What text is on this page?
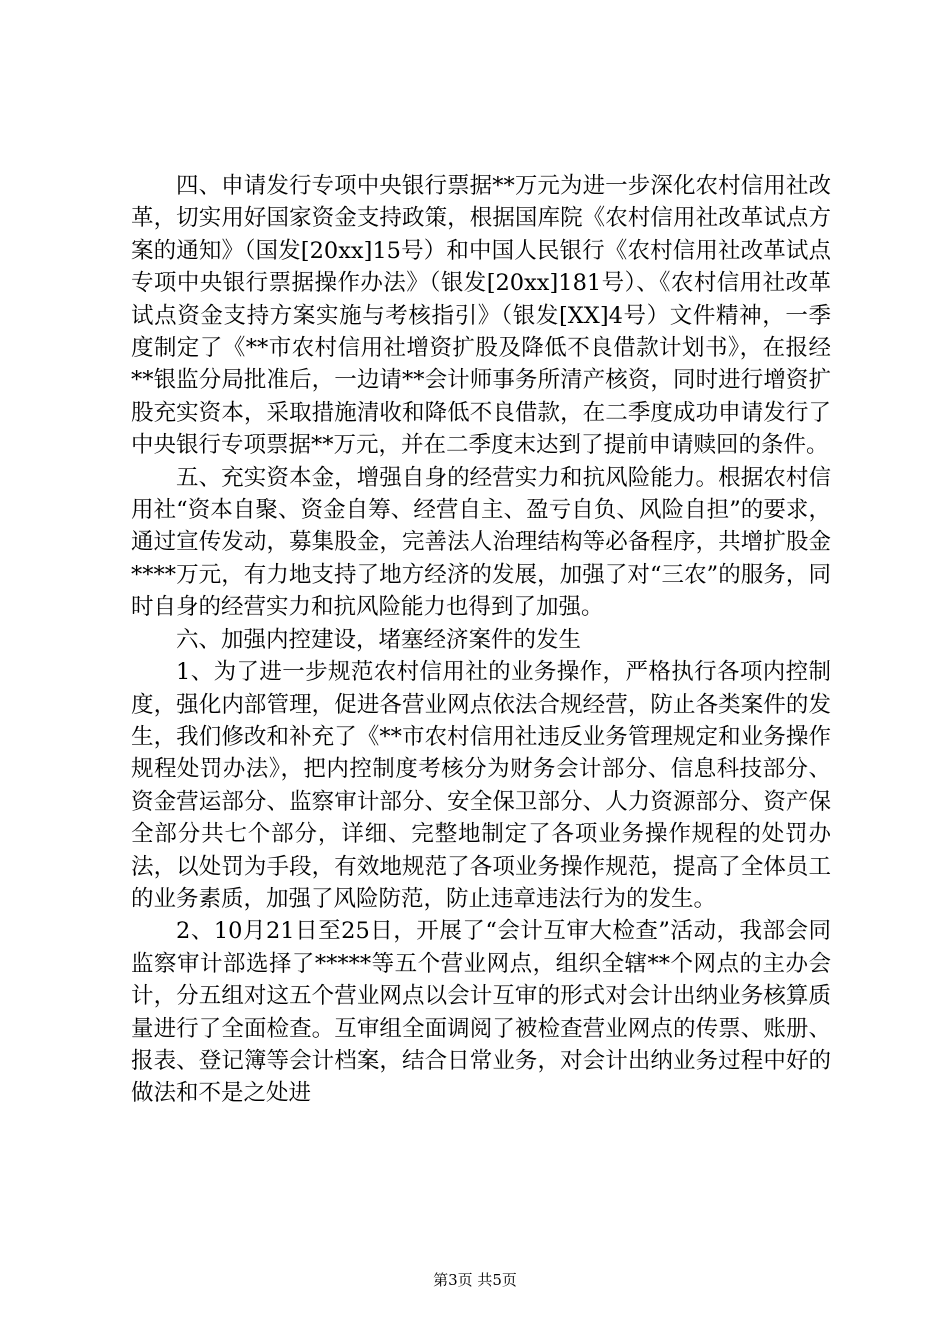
四、申请发行专项中央银行票据**万元为进一步深化农村信用社改革，切实用好国家资金支持政策，根据国库院《农村信用社改革试点方案的通知》（国发[20xx]15号）和中国人民银行《农村信用社改革试点专项中央银行票据操作办法》（银发[20xx]181号）、《农村信用社改革试点资金支持方案实施与考核指引》（银发[XX]4号）文件精神，一季度制定了《**市农村信用社增资扩股及降低不良借款计划书》，在报经**银监分局批准后，一边请**会计师事务所清产核资，同时进行增资扩股充实资本，采取措施清收和降低不良借款，在二季度成功申请发行了中央银行专项票据**万元，并在二季度末达到了提前申请赎回的条件。

五、充实资本金，增强自身的经营实力和抗风险能力。根据农村信用社“资本自聚、资金自筹、经营自主、盈亏自负、风险自担”的要求，通过宣传发动，募集股金，完善法人治理结构等必备程序，共增扩股金****万元，有力地支持了地方经济的发展，加强了对“三农”的服务，同时自身的经营实力和抗风险能力也得到了加强。

六、加强内控建设，堵塞经济案件的发生

1、为了进一步规范农村信用社的业务操作，严格执行各项内控制度，强化内部管理，促进各营业网点依法合规经营，防止各类案件的发生，我们修改和补充了《**市农村信用社违反业务管理规定和业务操作规程处罚办法》，把内控制度考核分为财务会计部分、信息科技部分、资金营运部分、监察审计部分、安全保卫部分、人力资源部分、资产保全部分共七个部分，详细、完整地制定了各项业务操作规程的处罚办法，以处罚为手段，有效地规范了各项业务操作规范，提高了全体员工的业务素质，加强了风险防范，防止违章违法行为的发生。

2、10月21日至25日，开展了“会计互审大检查”活动，我部会同监察审计部选择了*****等五个营业网点，组织全辖**个网点的主办会计，分五组对这五个营业网点以会计互审的形式对会计出纳业务核算质量进行了全面检查。互审组全面调阅了被检查营业网点的传票、账册、报表、登记簿等会计档案，结合日常业务，对会计出纳业务过程中好的做法和不是之处进

第3页 共5页
